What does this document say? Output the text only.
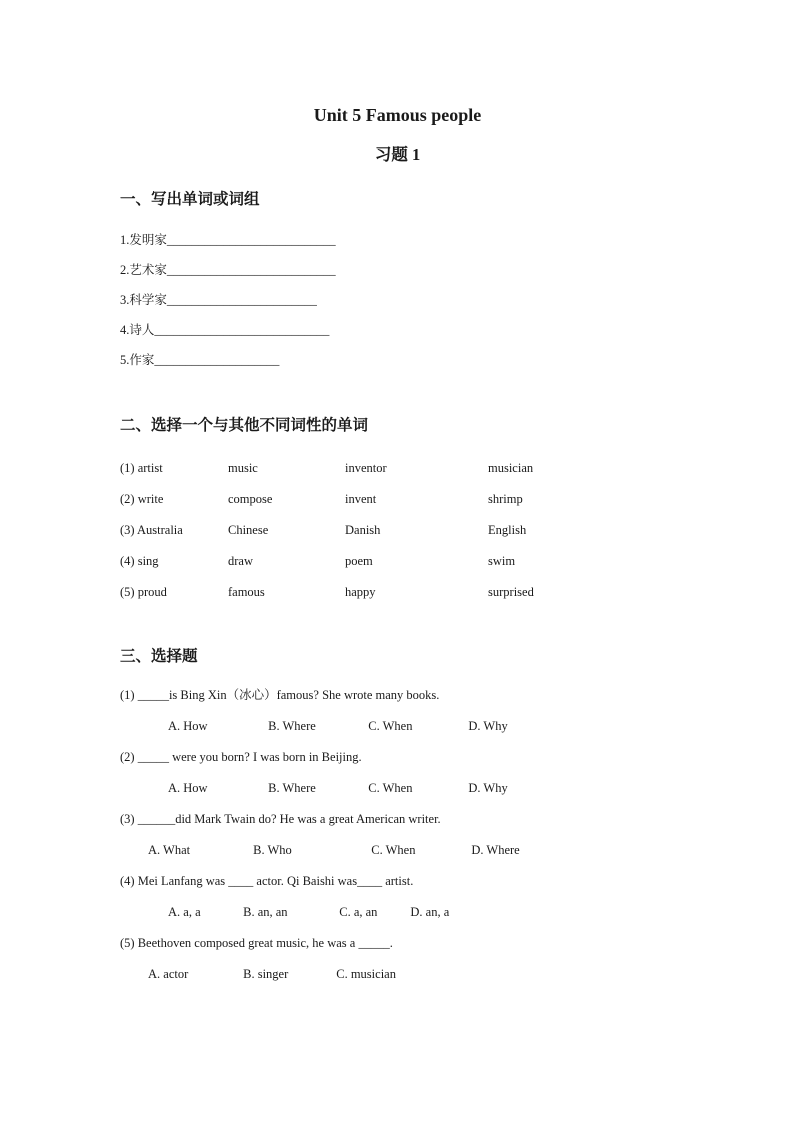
Unit 5 Famous people
习题 1
一、写出单词或词组
1.发明家___________________________
2.艺术家___________________________
3.科学家________________________
4.诗人____________________________
5.作家____________________
二、选择一个与其他不同词性的单词
(1) artist	music	inventor	musician
(2) write	compose	invent	shrimp
(3) Australia	Chinese	Danish	English
(4) sing	draw	poem	swim
(5) proud	famous	happy	surprised
三、选择题
(1) _____is Bing Xin（冰心）famous? She wrote many books.
A. How	B. Where	C. When	D. Why
(2) _____ were you born? I was born in Beijing.
A. How	B. Where	C. When	D. Why
(3) ______did Mark Twain do? He was a great American writer.
A. What	B. Who	C. When	D. Where
(4) Mei Lanfang was ____ actor. Qi Baishi was____ artist.
A. a, a	B. an, an	C. a, an	D. an, a
(5) Beethoven composed great music, he was a _____.
A. actor	B. singer	C. musician
